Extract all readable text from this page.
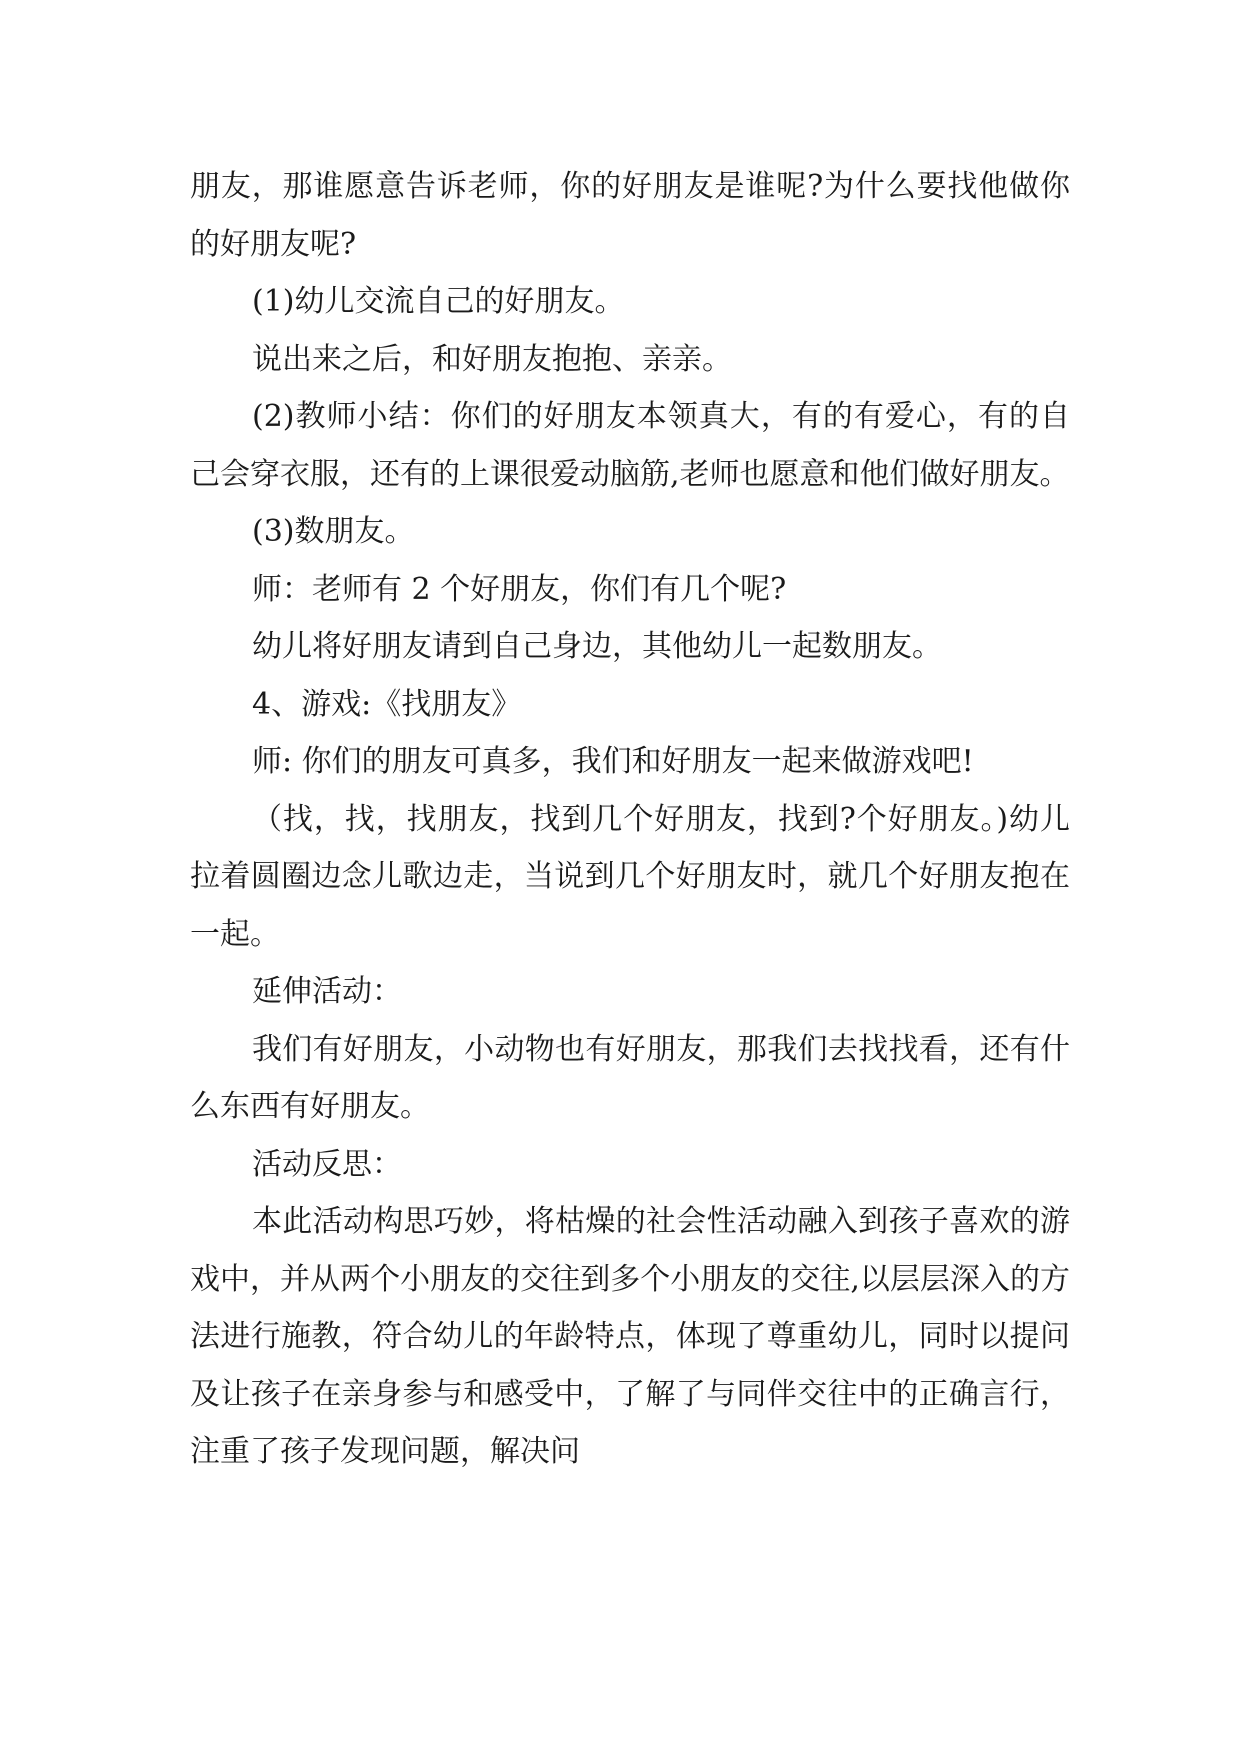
朋友，那谁愿意告诉老师，你的好朋友是谁呢?为什么要找他做你的好朋友呢?

(1)幼儿交流自己的好朋友。

说出来之后，和好朋友抱抱、亲亲。

(2)教师小结：你们的好朋友本领真大，有的有爱心，有的自己会穿衣服，还有的上课很爱动脑筋,老师也愿意和他们做好朋友。

(3)数朋友。

师：老师有 2 个好朋友，你们有几个呢?

幼儿将好朋友请到自己身边，其他幼儿一起数朋友。

4、游戏:《找朋友》

师: 你们的朋友可真多，我们和好朋友一起来做游戏吧!

（找，找，找朋友，找到几个好朋友，找到?个好朋友。)幼儿拉着圆圈边念儿歌边走，当说到几个好朋友时，就几个好朋友抱在一起。

延伸活动：

我们有好朋友，小动物也有好朋友，那我们去找找看，还有什么东西有好朋友。

活动反思：

本此活动构思巧妙，将枯燥的社会性活动融入到孩子喜欢的游戏中，并从两个小朋友的交往到多个小朋友的交往,以层层深入的方法进行施教，符合幼儿的年龄特点，体现了尊重幼儿，同时以提问及让孩子在亲身参与和感受中，了解了与同伴交往中的正确言行，注重了孩子发现问题，解决问
